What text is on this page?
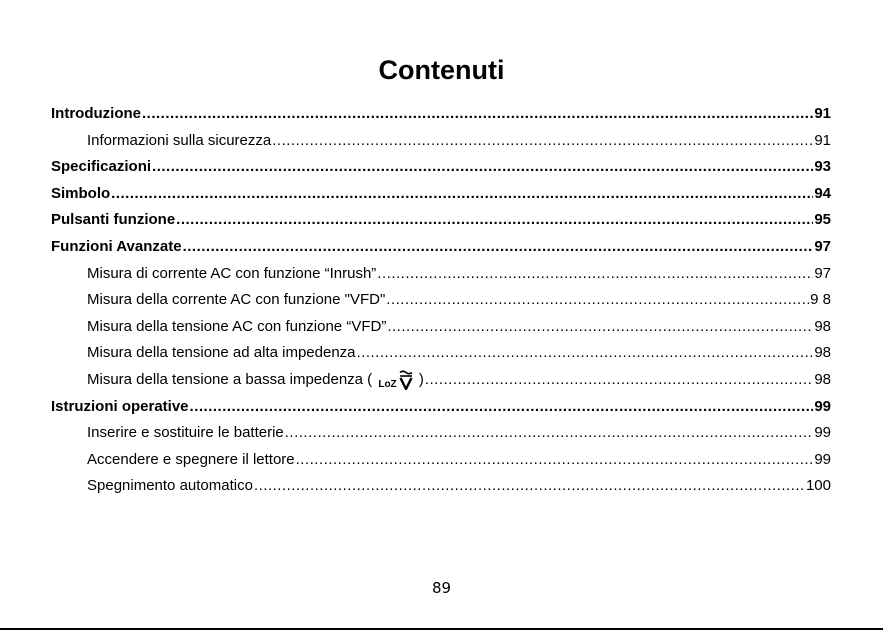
Contenuti
Introduzione .....	91
Informazioni sulla sicurezza .....	91
Specificazioni .....	93
Simbolo .....	94
Pulsanti funzione .....	95
Funzioni Avanzate .....	97
Misura di corrente AC con funzione “Inrush” .....	97
Misura della corrente AC con funzione "VFD" .....	9 8
Misura della tensione AC con funzione “VFD” .....	98
Misura della tensione ad alta impedenza .....	98
Misura della tensione a bassa impedenza ( LoZ ) .....	98
Istruzioni operative .....	99
Inserire e sostituire le batterie .....	99
Accendere e spegnere il lettore .....	99
Spegnimento automatico .....	100
89
